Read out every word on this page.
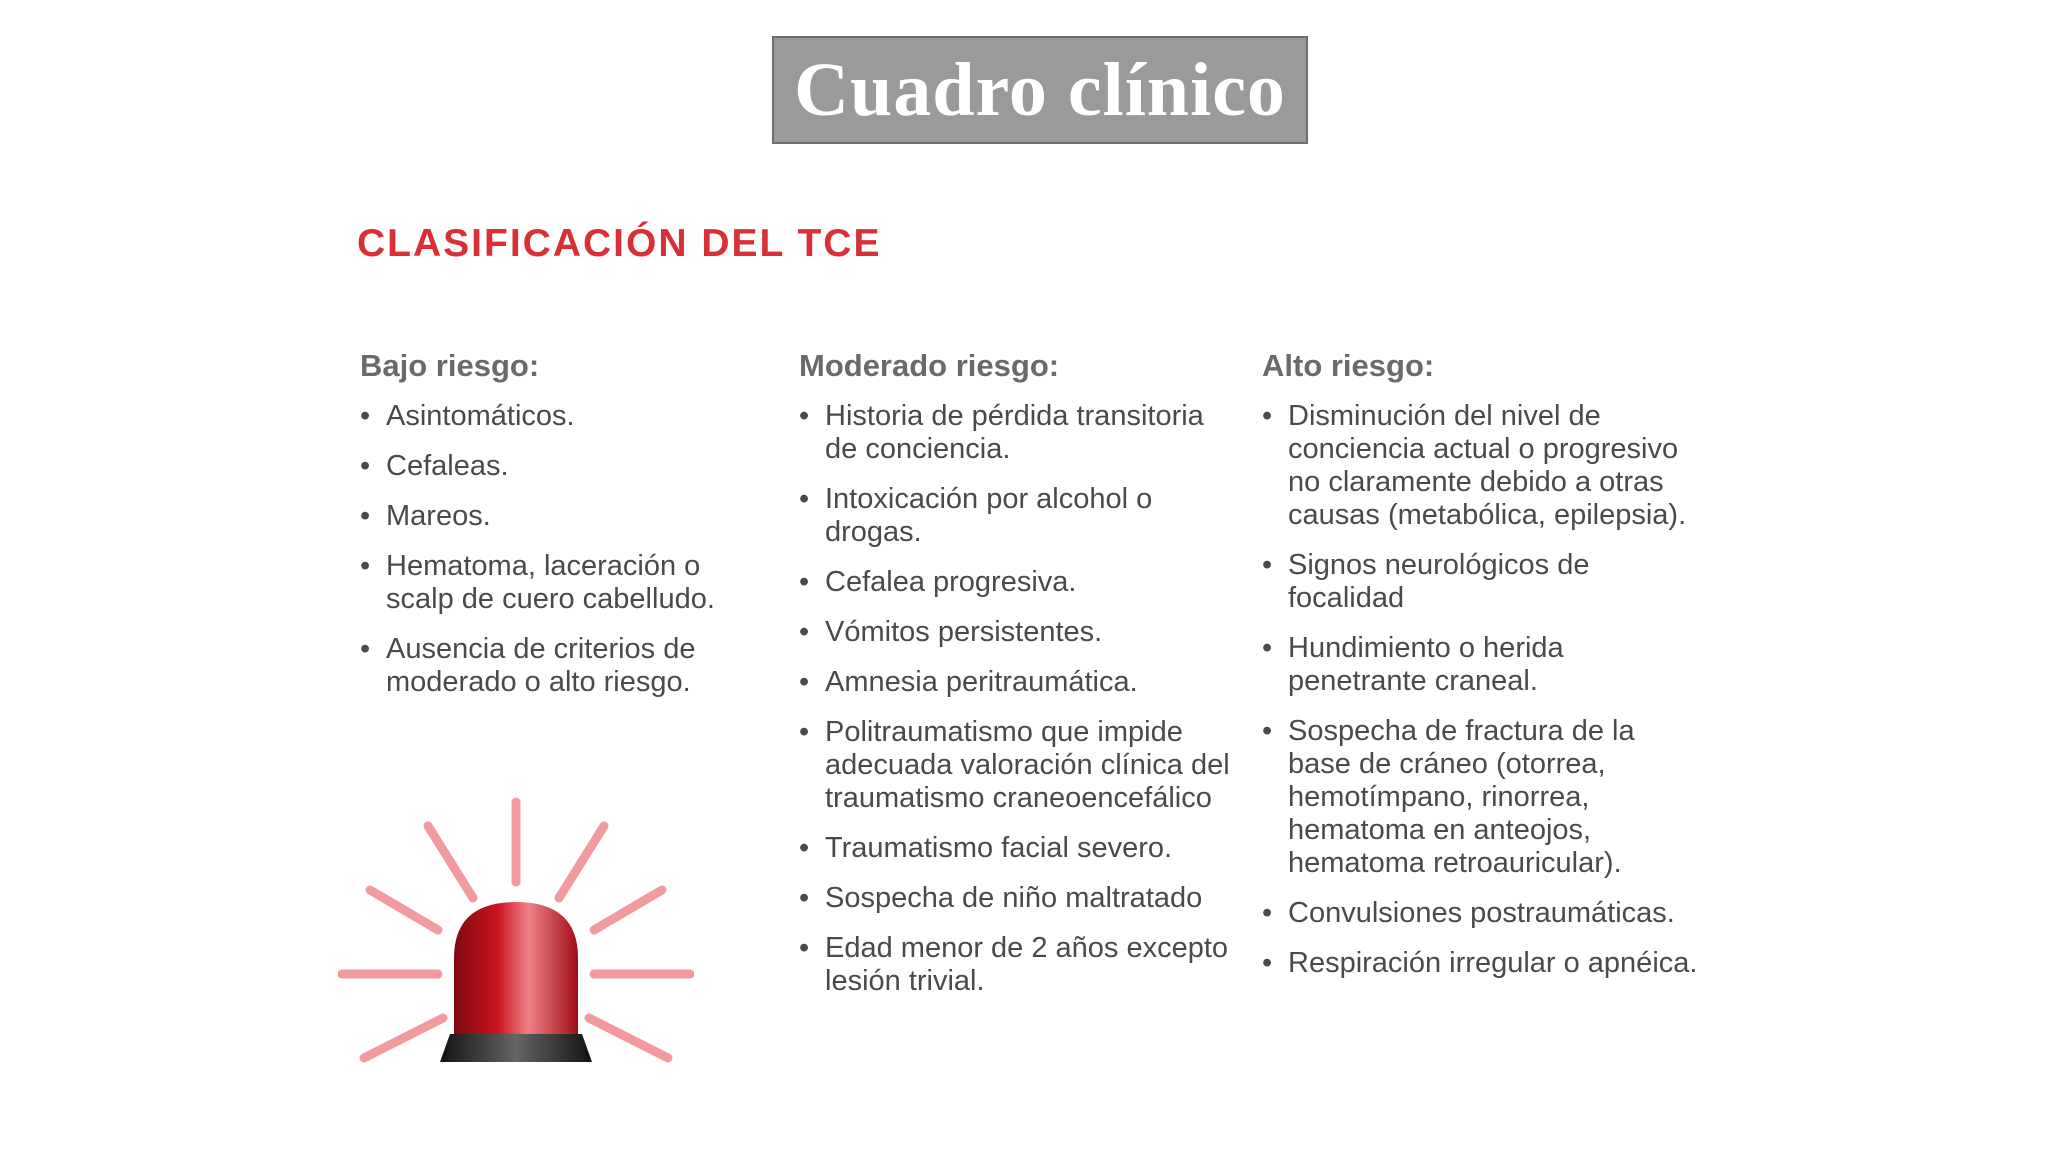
Cuadro clínico
CLASIFICACIÓN DEL TCE
Bajo riesgo:
• Asintomáticos.
• Cefaleas.
• Mareos.
• Hematoma, laceración o scalp de cuero cabelludo.
• Ausencia de criterios de moderado o alto riesgo.
Moderado riesgo:
• Historia de pérdida transitoria de conciencia.
• Intoxicación por alcohol o drogas.
• Cefalea progresiva.
• Vómitos persistentes.
• Amnesia peritraumática.
• Politraumatismo que impide adecuada valoración clínica del traumatismo craneoencefálico
• Traumatismo facial severo.
• Sospecha de niño maltratado
• Edad menor de 2 años excepto lesión trivial.
Alto riesgo:
• Disminución del nivel de conciencia actual o progresivo no claramente debido a otras causas (metabólica, epilepsia).
• Signos neurológicos de focalidad
• Hundimiento o herida penetrante craneal.
• Sospecha de fractura de la base de cráneo (otorrea, hemotímpano, rinorrea, hematoma en anteojos, hematoma retroauricular).
• Convulsiones postraumáticas.
• Respiración irregular o apnéica.
